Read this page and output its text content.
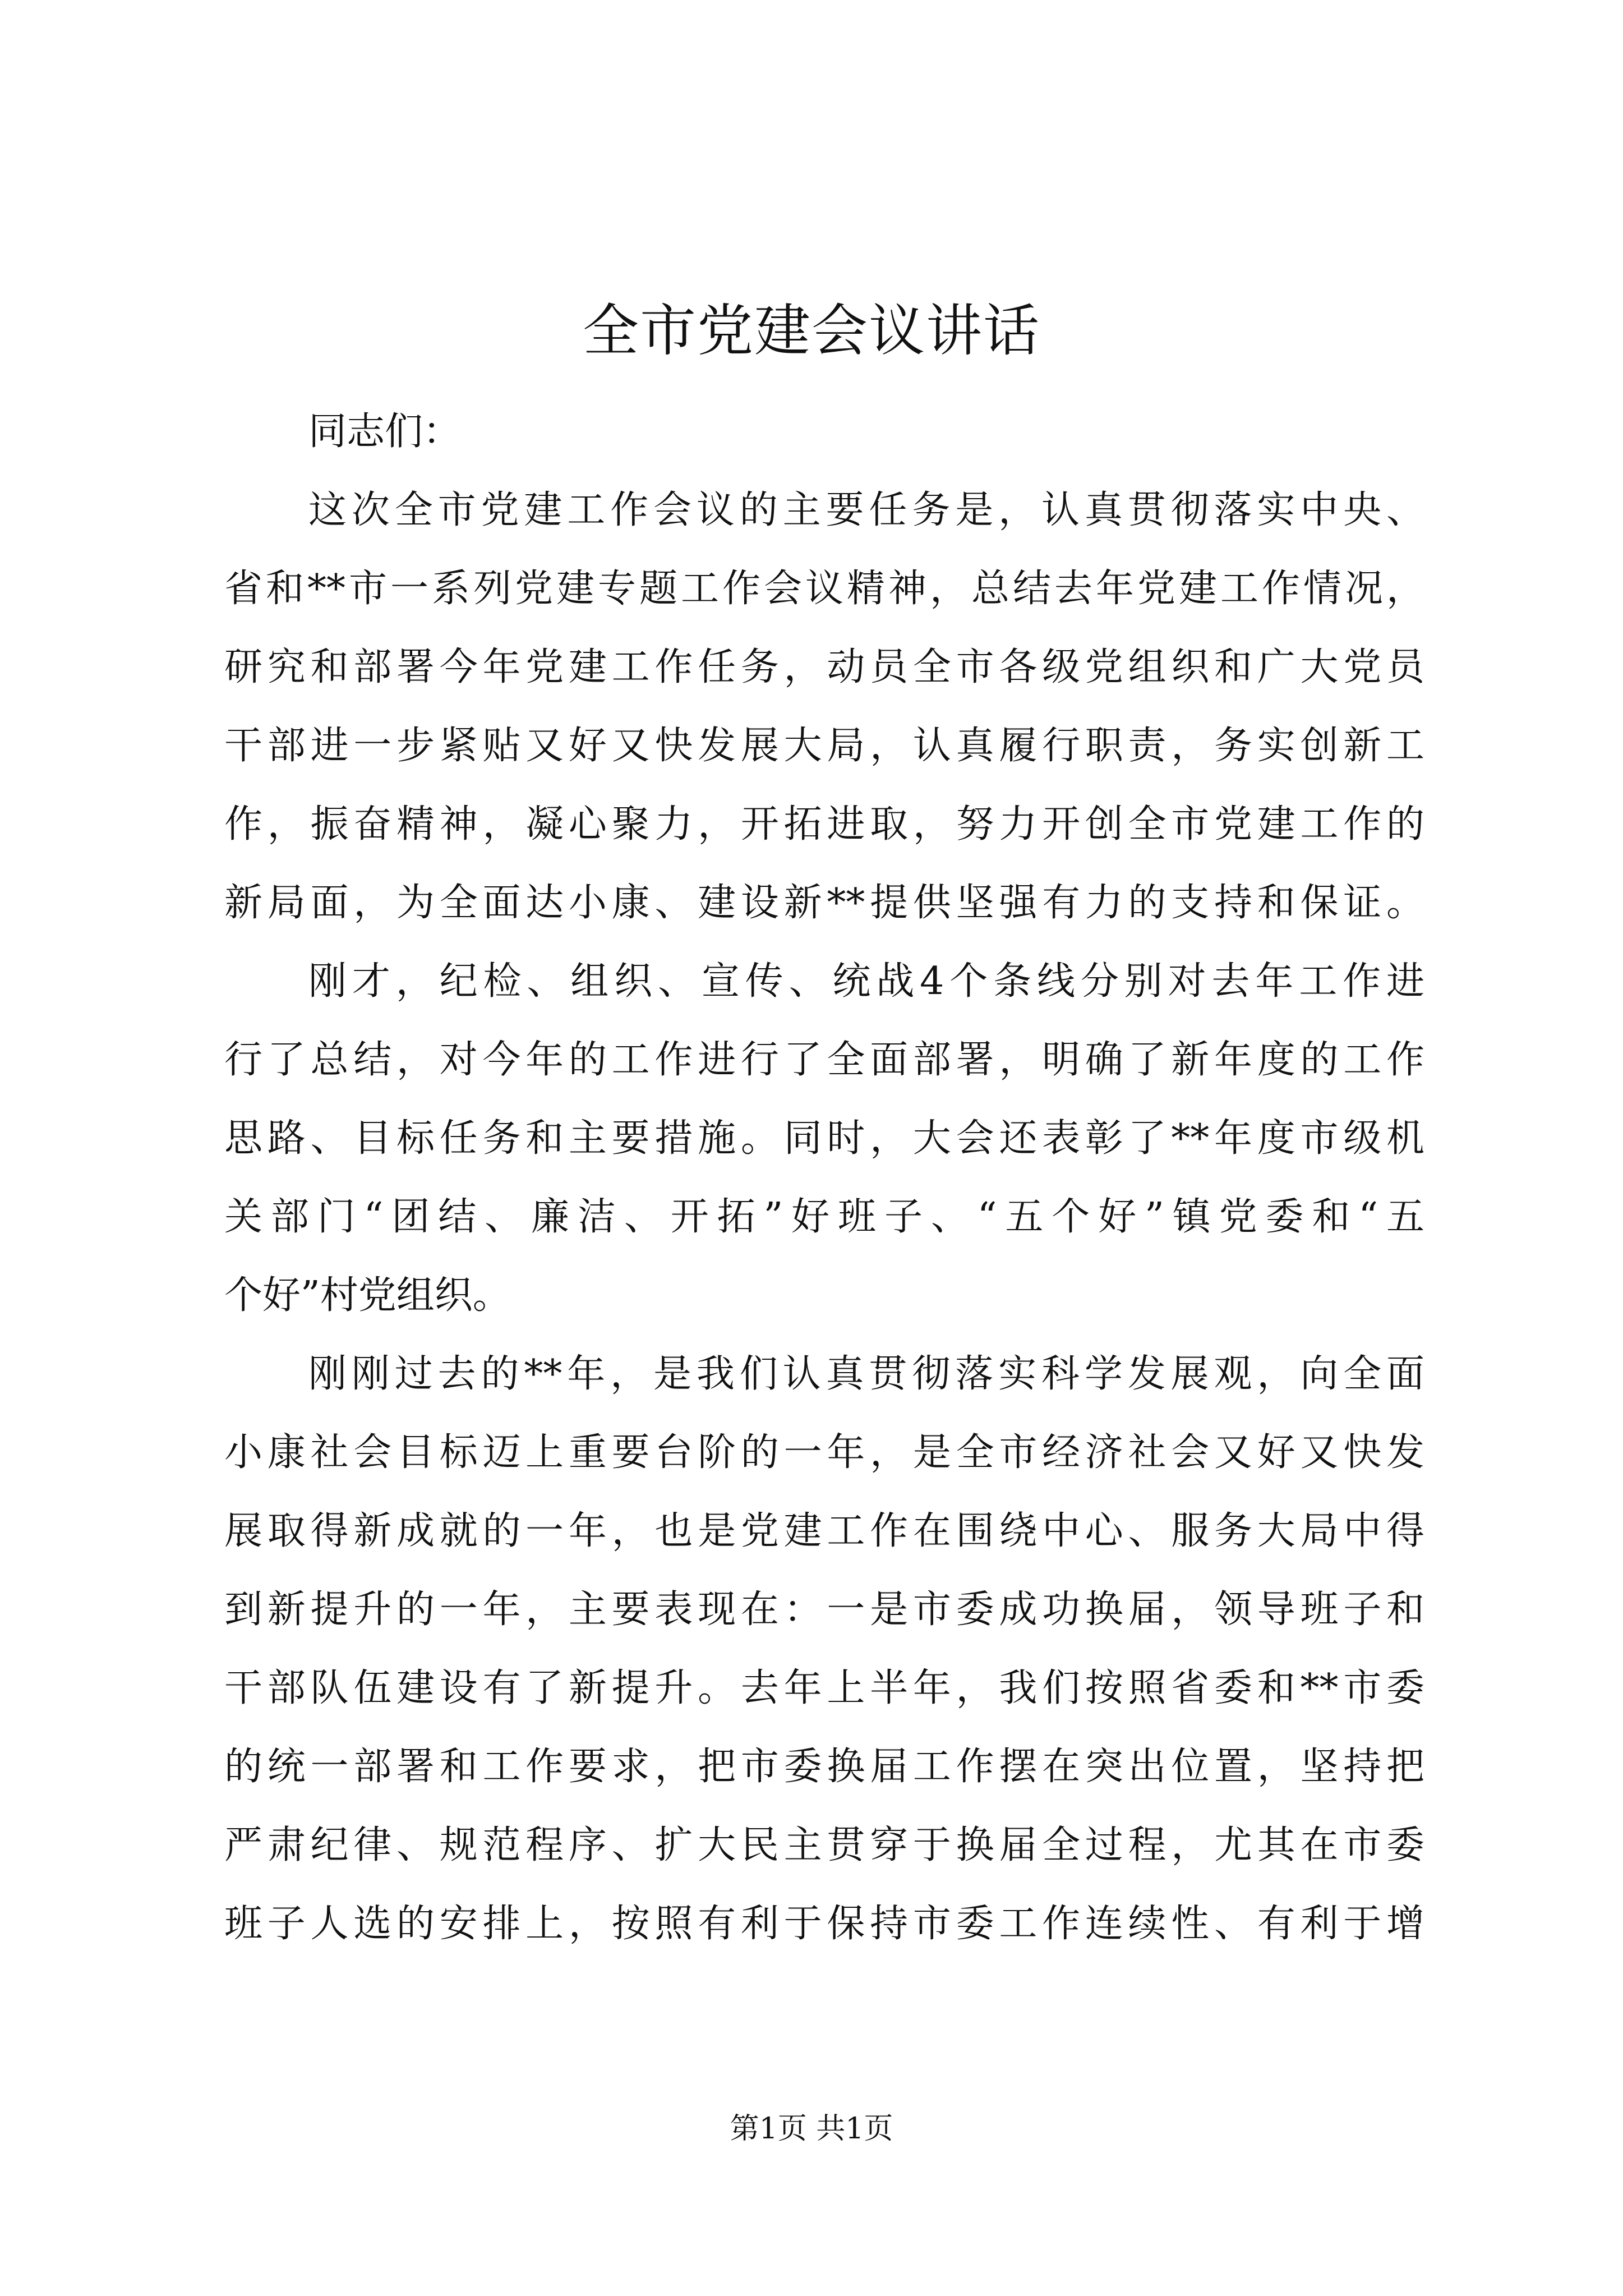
全市党建会议讲话
同志们：
这次全市党建工作会议的主要任务是，认真贯彻落实中央、
省和**市一系列党建专题工作会议精神，总结去年党建工作情况，
研究和部署今年党建工作任务，动员全市各级党组织和广大党员
干部进一步紧贴又好又快发展大局，认真履行职责，务实创新工
作，振奋精神，凝心聚力，开拓进取，努力开创全市党建工作的
新局面，为全面达小康、建设新**提供坚强有力的支持和保证。
刚才，纪检、组织、宣传、统战4个条线分别对去年工作进
行了总结，对今年的工作进行了全面部署，明确了新年度的工作
思路、目标任务和主要措施。同时，大会还表彰了**年度市级机
关部门“团结、廉洁、开拓”好班子、“五个好”镇党委和“五
个好”村党组织。
刚刚过去的**年，是我们认真贯彻落实科学发展观，向全面
小康社会目标迈上重要台阶的一年，是全市经济社会又好又快发
展取得新成就的一年，也是党建工作在围绕中心、服务大局中得
到新提升的一年，主要表现在：一是市委成功换届，领导班子和
干部队伍建设有了新提升。去年上半年，我们按照省委和**市委
的统一部署和工作要求，把市委换届工作摆在突出位置，坚持把
严肃纪律、规范程序、扩大民主贯穿于换届全过程，尤其在市委
班子人选的安排上，按照有利于保持市委工作连续性、有利于增
第1页 共1页
